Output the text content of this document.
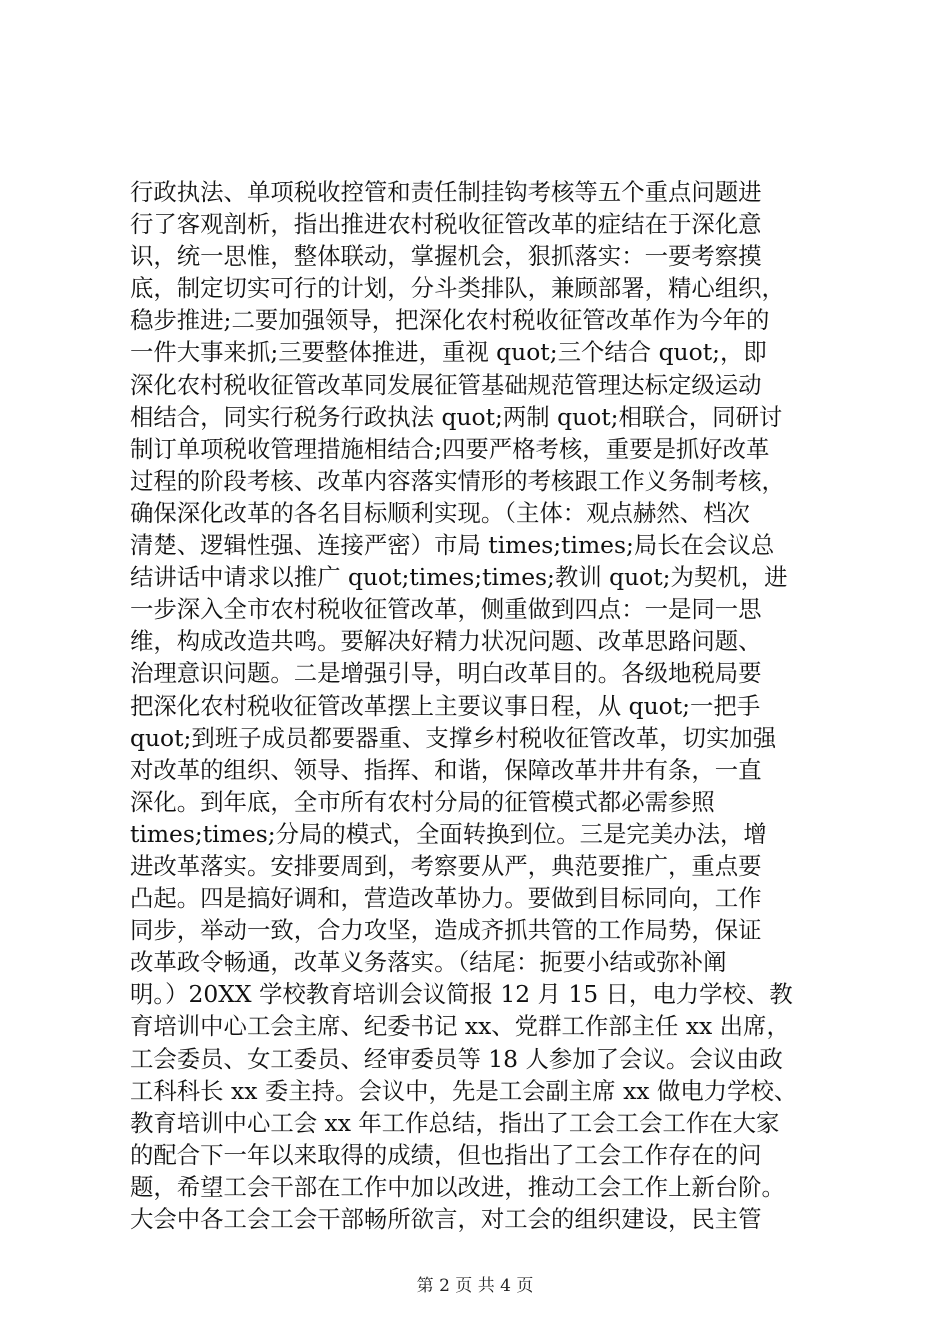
行政执法、单项税收控管和责任制挂钩考核等五个重点问题进
行了客观剖析，指出推进农村税收征管改革的症结在于深化意
识，统一思惟，整体联动，掌握机会，狠抓落实：一要考察摸
底，制定切实可行的计划，分斗类排队，兼顾部署，精心组织，
稳步推进;二要加强领导，把深化农村税收征管改革作为今年的
一件大事来抓;三要整体推进，重视 quot;三个结合 quot;，即
深化农村税收征管改革同发展征管基础规范管理达标定级运动
相结合，同实行税务行政执法 quot;两制 quot;相联合，同研讨
制订单项税收管理措施相结合;四要严格考核，重要是抓好改革
过程的阶段考核、改革内容落实情形的考核跟工作义务制考核，
确保深化改革的各名目标顺利实现。（主体：观点赫然、档次
清楚、逻辑性强、连接严密）市局 times;times;局长在会议总
结讲话中请求以推广 quot;times;times;教训 quot;为契机，进
一步深入全市农村税收征管改革，侧重做到四点：一是同一思
维，构成改造共鸣。要解决好精力状况问题、改革思路问题、
治理意识问题。二是增强引导，明白改革目的。各级地税局要
把深化农村税收征管改革摆上主要议事日程，从 quot;一把手
quot;到班子成员都要器重、支撑乡村税收征管改革，切实加强
对改革的组织、领导、指挥、和谐，保障改革井井有条，一直
深化。到年底，全市所有农村分局的征管模式都必需参照
times;times;分局的模式，全面转换到位。三是完美办法，增
进改革落实。安排要周到，考察要从严，典范要推广，重点要
凸起。四是搞好调和，营造改革协力。要做到目标同向，工作
同步，举动一致，合力攻坚，造成齐抓共管的工作局势，保证
改革政令畅通，改革义务落实。（结尾：扼要小结或弥补阐
明。）20XX 学校教育培训会议简报 12 月 15 日，电力学校、教
育培训中心工会主席、纪委书记 xx、党群工作部主任 xx 出席，
工会委员、女工委员、经审委员等 18 人参加了会议。会议由政
工科科长 xx 委主持。会议中，先是工会副主席 xx 做电力学校、
教育培训中心工会 xx 年工作总结，指出了工会工会工作在大家
的配合下一年以来取得的成绩，但也指出了工会工作存在的问
题，希望工会干部在工作中加以改进，推动工会工作上新台阶。
大会中各工会工会干部畅所欲言，对工会的组织建设，民主管
第 2 页 共 4 页
